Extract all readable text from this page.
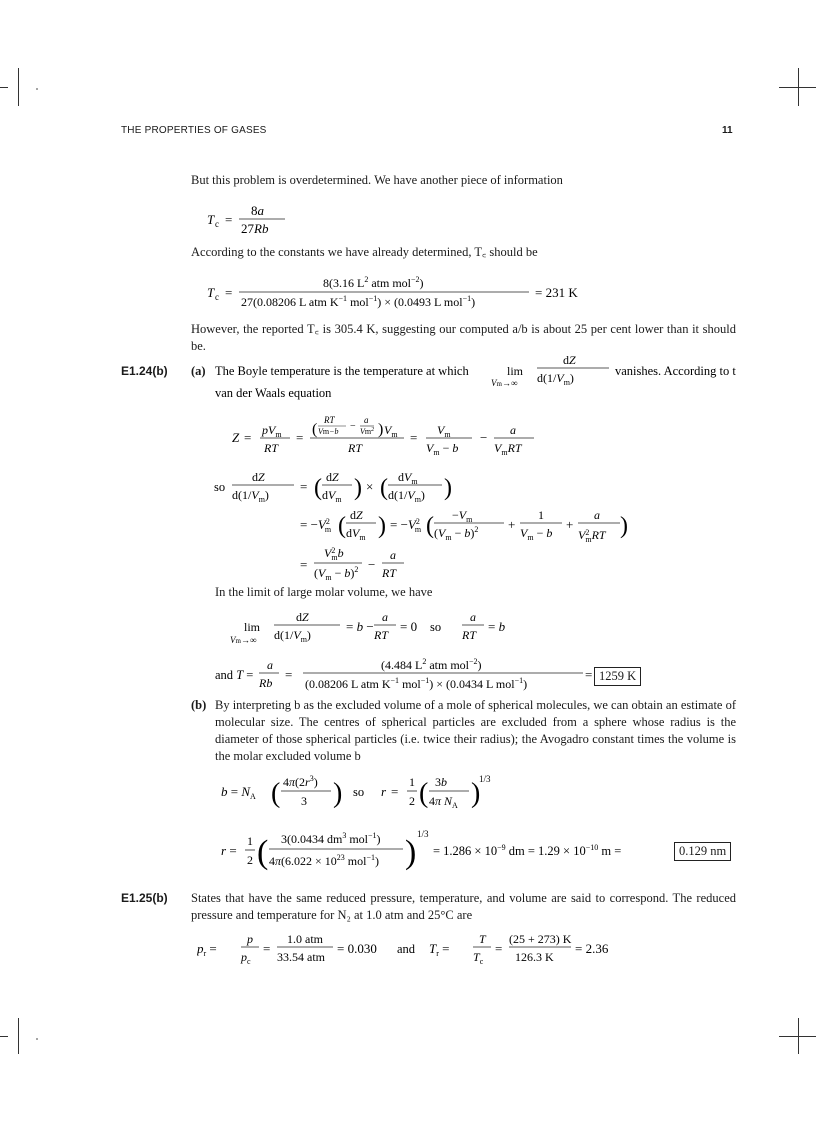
THE PROPERTIES OF GASES	11
But this problem is overdetermined. We have another piece of information
T c =
8a
27Rb
According to the constants we have already determined, T꜀ should be
T c =
8(3.16 $L^2$ atm mol$^{-2}$)
27(0.08206 L atm $K^{-1}$ mol$^{-1}$) × (0.0493 L mol$^{-1}$)
= 231 K
However, the reported T꜀ is 305.4 K, suggesting our computed a/b is about 25 per cent lower than it should be.
E1.24(b) (a) The Boyle temperature is the temperature at which	lim
Vm→∞
dZ
$d(1/V_m)$	vanishes. According to the
van der Waals equation
$Z = pV_m$
RT
= (
RT
Vm−b −
a
Vm$^2$ ) $V_m$
RT
= $V_m$
$V_m - b$
− a
$V_mRT$
so
dZ
$d(1/V_m)$
= ( dZ
$dV_m$ ) × ( $dV_m$
$d(1/V_m)$ )
= $-V^2$ m ( dZ
$dV_m$ ) = $-V^2$ m ( $-V_m$
$(V_m - b)^2$ +
1
$V_m - b$
+
a
$V^2$ mRT )
=
$V^2$ mb
$(V_m - b)^2$ −
a
RT
In the limit of large molar volume, we have
lim
Vm→∞
dZ
$d(1/V_m)$
= b −
a
RT
= 0 so
a
RT
= b
and T =
a
Rb
=
(4.484 $L^2$ atm mol$^{-2}$)
(0.08206 L atm $K^{-1}$ mol$^{-1}$) × (0.0434 L mol$^{-1}$)
= 1259 K
(b) By interpreting b as the excluded volume of a mole of spherical molecules, we can obtain an estimate of molecular size. The centres of spherical particles are excluded from a sphere whose radius is the diameter of those spherical particles (i.e. twice their radius); the Avogadro constant times the volume is the molar excluded volume b
$b = N_A$ ( $4\pi(2r^3)$
3 ) so r =
1
2 ( 3b
4π $N_A$ )
1/3
r =
1
2 ( 3(0.0434 $dm^3$ mol$^{-1}$)
$4\pi(6.022 \times 10^{23}$ mol$^{-1}$) ) 1/3
= $1.286 \times 10^{-9}$ dm = $1.29 \times 10^{-10}$ m =	0.129 nm
E1.25(b) States that have the same reduced pressure, temperature, and volume are said to correspond. The reduced pressure and temperature for N₂ at 1.0 atm and 25°C are
$p_r$ =
p
$p_c$
=
1.0 atm
33.54 atm
= 0.030 and $T_r$ =
T
$T_c$
=
(25 + 273) K
126.3 K
= 2.36
